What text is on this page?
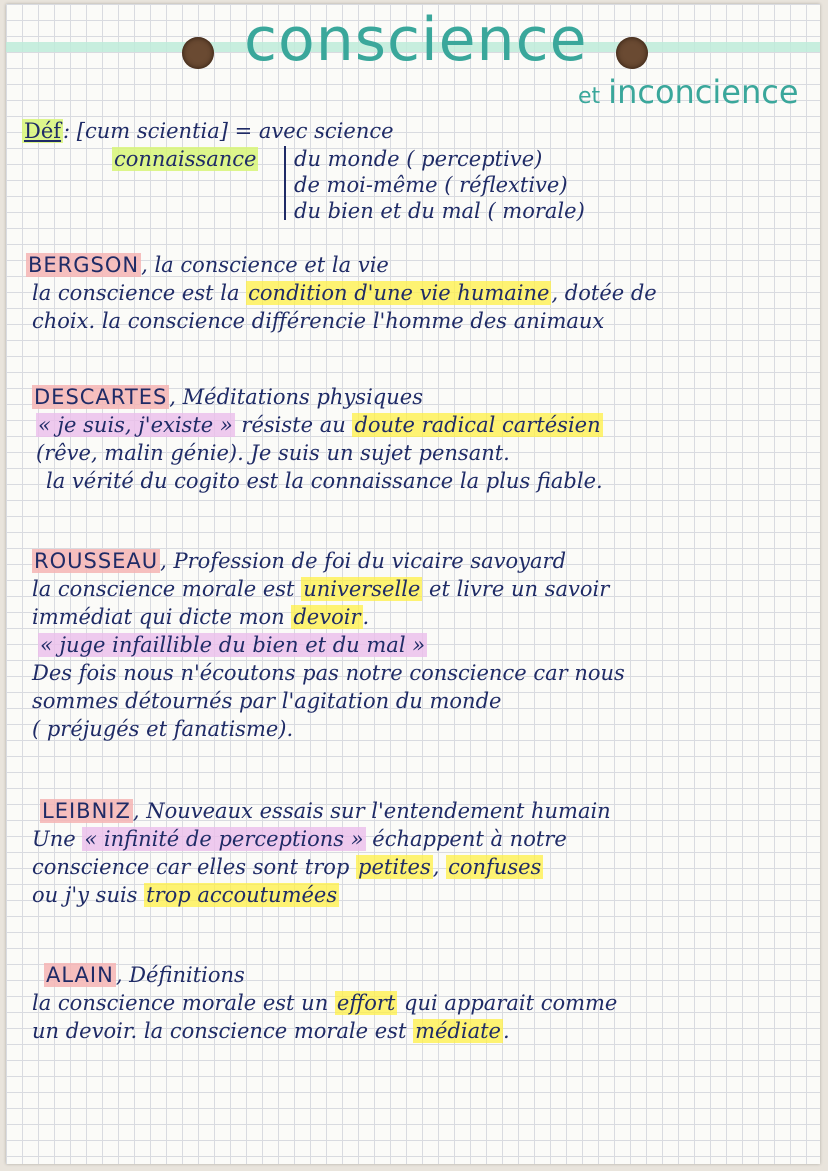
conscience
et inconcience
Déf: [cum scientia] = avec science
connaissance du monde ( perceptive)
de moi-même ( réflextive)
du bien et du mal ( morale)
BERGSON, la conscience et la vie
la conscience est la condition d'une vie humaine, dotée de
choix. la conscience différencie l'homme des animaux
DESCARTES, Méditations physiques
« je suis, j'existe » résiste au doute radical cartésien
(rêve, malin génie). Je suis un sujet pensant.
la vérité du cogito est la connaissance la plus fiable.
ROUSSEAU, Profession de foi du vicaire savoyard
la conscience morale est universelle et livre un savoir
immédiat qui dicte mon devoir.
« juge infaillible du bien et du mal »
Des fois nous n'écoutons pas notre conscience car nous
sommes détournés par l'agitation du monde
( préjugés et fanatisme).
LEIBNIZ, Nouveaux essais sur l'entendement humain
Une « infinité de perceptions » échappent à notre
conscience car elles sont trop petites, confuses
ou j'y suis trop accoutumées
ALAIN, Définitions
la conscience morale est un effort qui apparait comme
un devoir. la conscience morale est médiate.
